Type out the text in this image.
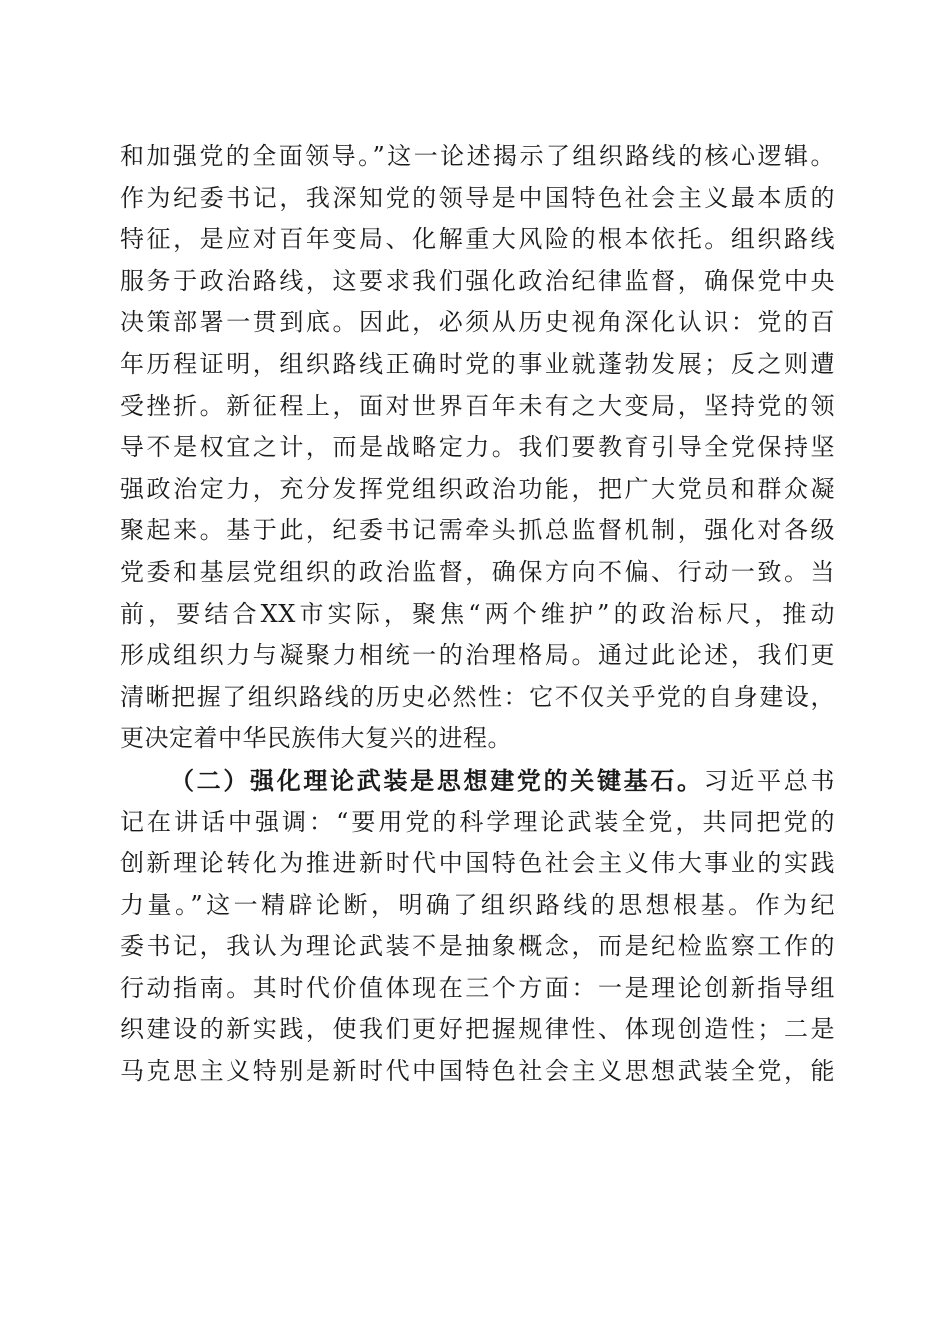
和加强党的全面领导。”这一论述揭示了组织路线的核心逻辑。
作为纪委书记，我深知党的领导是中国特色社会主义最本质的
特征，是应对百年变局、化解重大风险的根本依托。组织路线
服务于政治路线，这要求我们强化政治纪律监督，确保党中央
决策部署一贯到底。因此，必须从历史视角深化认识：党的百
年历程证明，组织路线正确时党的事业就蓬勃发展；反之则遭
受挫折。新征程上，面对世界百年未有之大变局，坚持党的领
导不是权宜之计，而是战略定力。我们要教育引导全党保持坚
强政治定力，充分发挥党组织政治功能，把广大党员和群众凝
聚起来。基于此，纪委书记需牵头抓总监督机制，强化对各级
党委和基层党组织的政治监督，确保方向不偏、行动一致。当
前，要结合XX市实际，聚焦“两个维护”的政治标尺，推动
形成组织力与凝聚力相统一的治理格局。通过此论述，我们更
清晰把握了组织路线的历史必然性：它不仅关乎党的自身建设，
更决定着中华民族伟大复兴的进程。
（二）强化理论武装是思想建党的关键基石。习近平总书
记在讲话中强调：“要用党的科学理论武装全党，共同把党的
创新理论转化为推进新时代中国特色社会主义伟大事业的实践
力量。”这一精辟论断，明确了组织路线的思想根基。作为纪
委书记，我认为理论武装不是抽象概念，而是纪检监察工作的
行动指南。其时代价值体现在三个方面：一是理论创新指导组
织建设的新实践，使我们更好把握规律性、体现创造性；二是
马克思主义特别是新时代中国特色社会主义思想武装全党，能
